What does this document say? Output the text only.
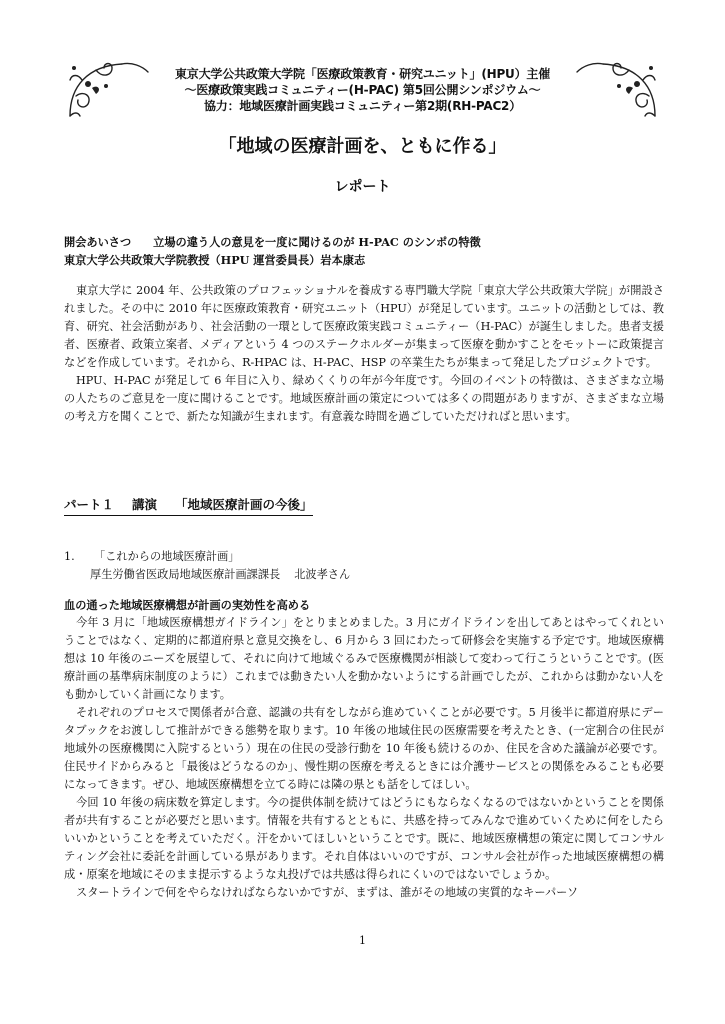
東京大学公共政策大学院「医療政策教育・研究ユニット」(HPU）主催
〜医療政策実践コミュニティー(H-PAC) 第5回公開シンポジウム〜
協力：地域医療計画実践コミュニティー第2期(RH-PAC2）
「地域の医療計画を、ともに作る」
レポート
開会あいさつ 立場の違う人の意見を一度に聞けるのが H-PAC のシンポの特徴
東京大学公共政策大学院教授（HPU 運営委員長）岩本康志

東京大学に 2004 年、公共政策のプロフェッショナルを養成する専門職大学院「東京大学公共政策大学院」が開設されました。その中に 2010 年に医療政策教育・研究ユニット（HPU）が発足しています。ユニットの活動としては、教育、研究、社会活動があり、社会活動の一環として医療政策実践コミュニティー（H-PAC）が誕生しました。患者支援者、医療者、政策立案者、メディアという 4 つのステークホルダーが集まって医療を動かすことをモットーに政策提言などを作成しています。それから、R-HPAC は、H-PAC、HSP の卒業生たちが集まって発足したプロジェクトです。

HPU、H-PAC が発足して 6 年目に入り、緑めくくりの年が今年度です。今回のイベントの特徴は、さまざまな立場の人たちのご意見を一度に聞けることです。地域医療計画の策定については多くの問題がありますが、さまざまな立場の考え方を聞くことで、新たな知識が生まれます。有意義な時間を過ごしていただければと思います。

パート１ 講演 「地域医療計画の今後」
1. 「これからの地域医療計画」
厚生労働省医政局地域医療計画課課長 北波孝さん
血の通った地域医療構想が計画の実効性を高める

今年 3 月に「地域医療構想ガイドライン」をとりまとめました。3 月にガイドラインを出してあとはやってくれということではなく、定期的に都道府県と意見交換をし、6 月から 3 回にわたって研修会を実施する予定です。地域医療構想は 10 年後のニーズを展望して、それに向けて地域ぐるみで医療機関が相談して変わって行こうということです。(医療計画の基準病床制度のように）これまでは動きたい人を動かないようにする計画でしたが、これからは動かない人をも動かしていく計画になります。

それぞれのプロセスで関係者が合意、認識の共有をしながら進めていくことが必要です。5 月後半に都道府県にデータブックをお渡しして推計ができる態勢を取ります。10 年後の地域住民の医療需要を考えたとき、(一定割合の住民が地域外の医療機関に入院するという）現在の住民の受診行動を 10 年後も続けるのか、住民を含めた議論が必要です。住民サイドからみると「最後はどうなるのか」、慢性期の医療を考えるときには介護サービスとの関係をみることも必要になってきます。ぜひ、地域医療構想を立てる時には隣の県とも話をしてほしい。

今回 10 年後の病床数を算定します。今の提供体制を続けてはどうにもならなくなるのではないかということを関係者が共有することが必要だと思います。情報を共有するとともに、共感を持ってみんなで進めていくために何をしたらいいかということを考えていただく。汗をかいてほしいということです。既に、地域医療構想の策定に関してコンサルティング会社に委託を計画している県があります。それ自体はいいのですが、コンサル会社が作った地域医療構想の構成・原案を地域にそのまま提示するような丸投げでは共感は得られにくいのではないでしょうか。

スタートラインで何をやらなければならないかですが、まずは、誰がその地域の実質的なキーパーソ

1
